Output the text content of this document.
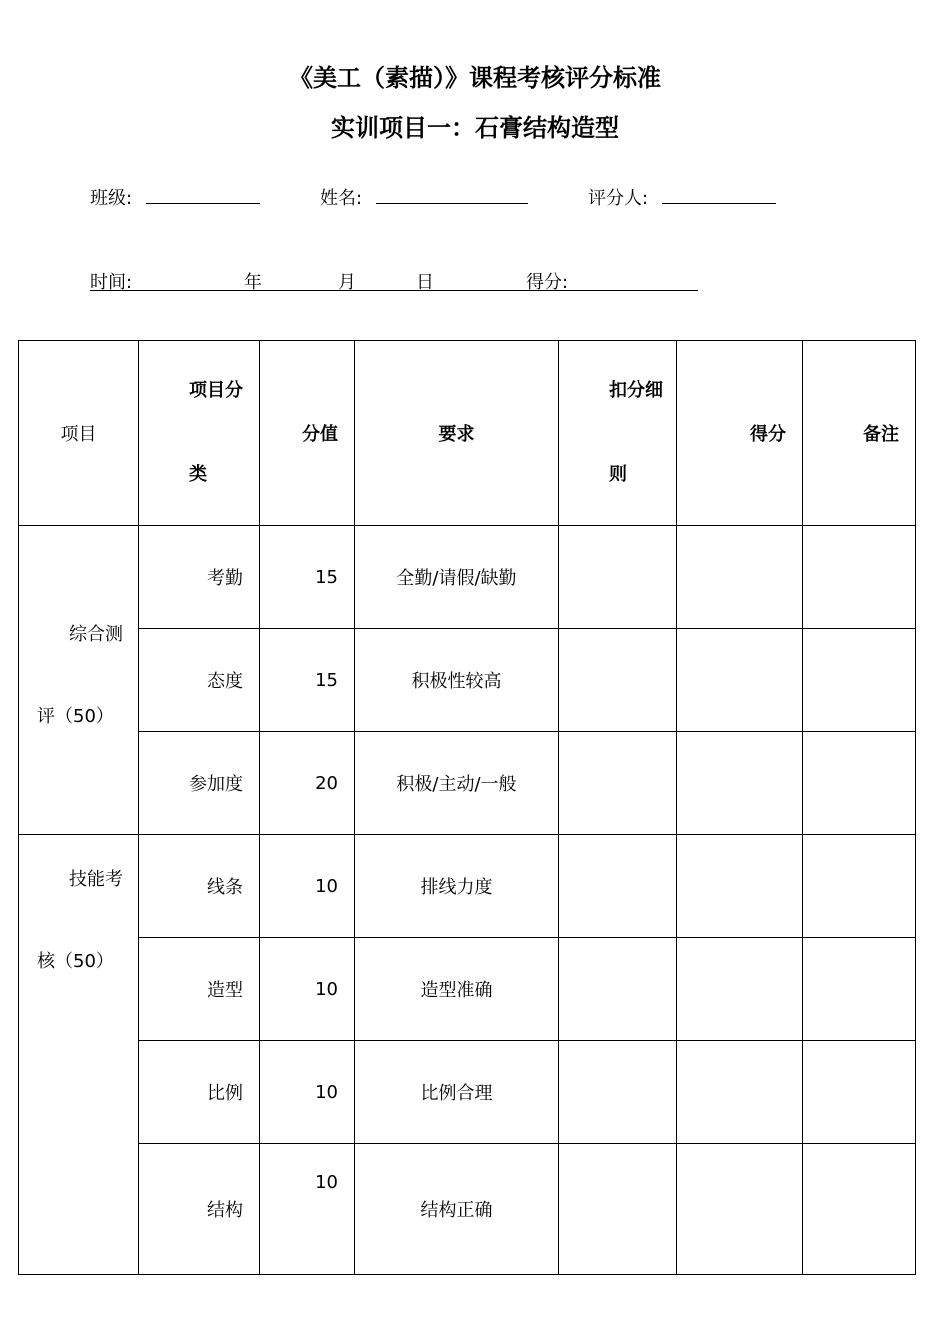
《美工（素描）》课程考核评分标准
实训项目一：石膏结构造型
班级:	姓名:	评分人:
时间:	年	月	日	得分:
项目	项目分类	分值	要求	扣分细则	得分	备注
综合测评（50）	考勤	15	全勤/请假/缺勤			
	态度	15	积极性较高			
	参加度	20	积极/主动/一般			
技能考核（50）	线条	10	排线力度			
	造型	10	造型准确			
	比例	10	比例合理			
	结构	10	结构正确			
